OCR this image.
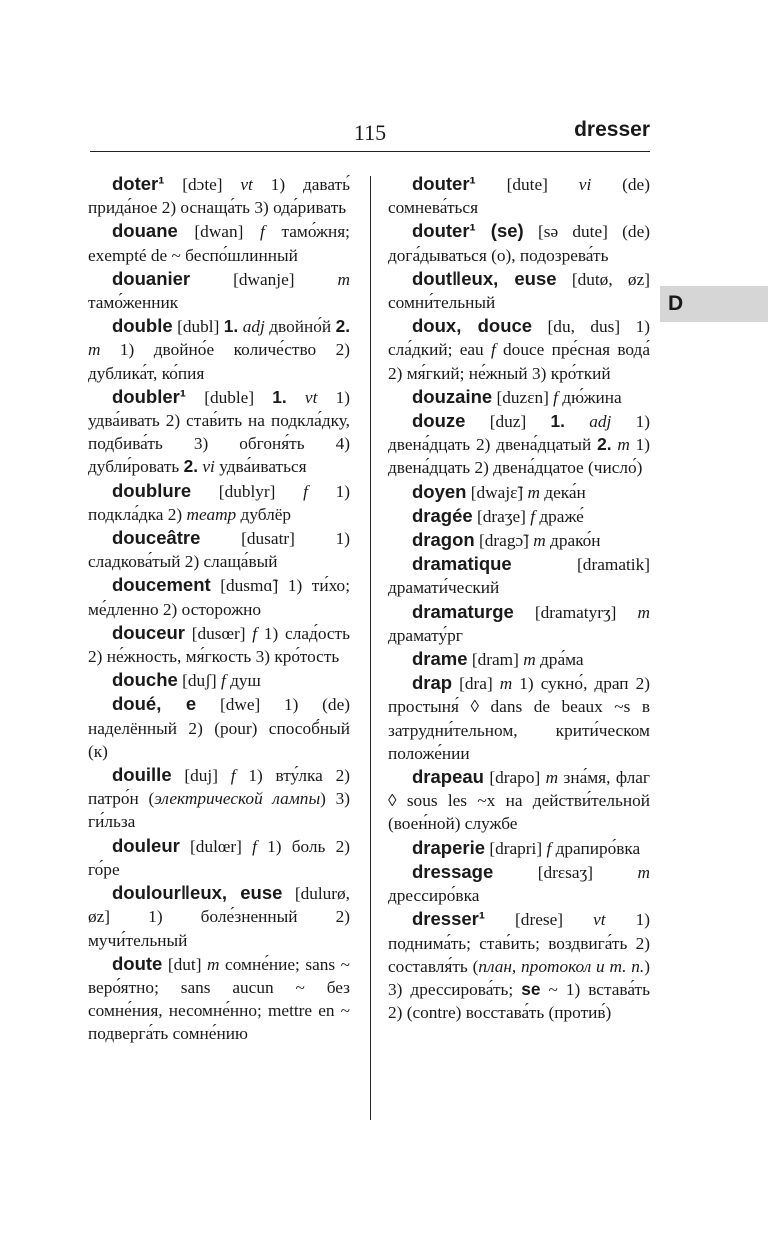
115	dresser
D

doter¹ [dɔte] vt 1) давать́ прида́ное 2) оснаща́ть 3) ода́ривать

douane [dwan] f тамо́жня; exempté de ~ беспо́шлинный

douanier [dwanje] m тамо́женник

double [dubl] 1. adj двойно́й 2. m 1) двойно́е количе́ство 2) дублика́т, ко́пия

doubler¹ [duble] 1. vt 1) удва́ивать 2) став́ить на подкла́дку, подбива́ть 3) обгоня́ть 4) дубли́ровать 2. vi удва́иваться

doublure [dublyr] f 1) подкла́дка 2) театр дублёр

douceâtre [dusatr] 1) сладкова́тый 2) слаща́вый

doucement [dusmɑ̃] 1) ти́хо; ме́дленно 2) осторожно

douceur [dusœr] f 1) слад́ость 2) не́жность, мя́гкость 3) кро́тость

douche [duʃ] f душ

doué, e [dwe] 1) (de) наделённый 2) (pour) способ́ный (к)

douille [duj] f 1) вту́лка 2) патро́н (электрической лампы) 3) ги́льза

douleur [dulœr] f 1) боль 2) го́ре

doulour‖eux, euse [dulurø, øz] 1) боле́зненный 2) мучи́тельный

doute [dut] m сомне́ние; sans ~ веро́ятно; sans aucun ~ без сомне́ния, несомне́нно; mettre en ~ подверга́ть сомне́нию

douter¹ [dute] vi (de) сомнева́ться

douter¹ (se) [sə dute] (de) дога́дываться (о), подозрева́ть

dout‖eux, euse [dutø, øz] сомни́тельный

doux, douce [du, dus] 1) сла́дкий; eau f douce пре́сная вода́ 2) мя́гкий; не́жный 3) кро́ткий

douzaine [duzɛn] f дю́жина

douze [duz] 1. adj 1) двена́дцать 2) двена́дцатый 2. m 1) двена́дцать 2) двена́дцатое (число́)

doyen [dwajɛ̃] m дека́н

dragée [draʒe] f драже́

dragon [dragɔ̃] m драко́н

dramatique [dramatik] драмати́ческий

dramaturge [dramatyrʒ] m драмату́рг

drame [dram] m дра́ма

drap [dra] m 1) сукно́, драп 2) простыня́ ◊ dans de beaux ~s в затрудни́тельном, крити́ческом положе́нии

drapeau [drapo] m зна́мя, флаг ◊ sous les ~x на действи́тельной (воен́ной) службе

draperie [drapri] f драпиро́вка

dressage [drɛsaʒ] m дрессиро́вка

dresser¹ [drese] vt 1) поднима́ть; став́ить; воздвига́ть 2) составля́ть (план, протокол и т. п.) 3) дрессирова́ть; se ~ 1) встава́ть 2) (contre) восстава́ть (против́)
